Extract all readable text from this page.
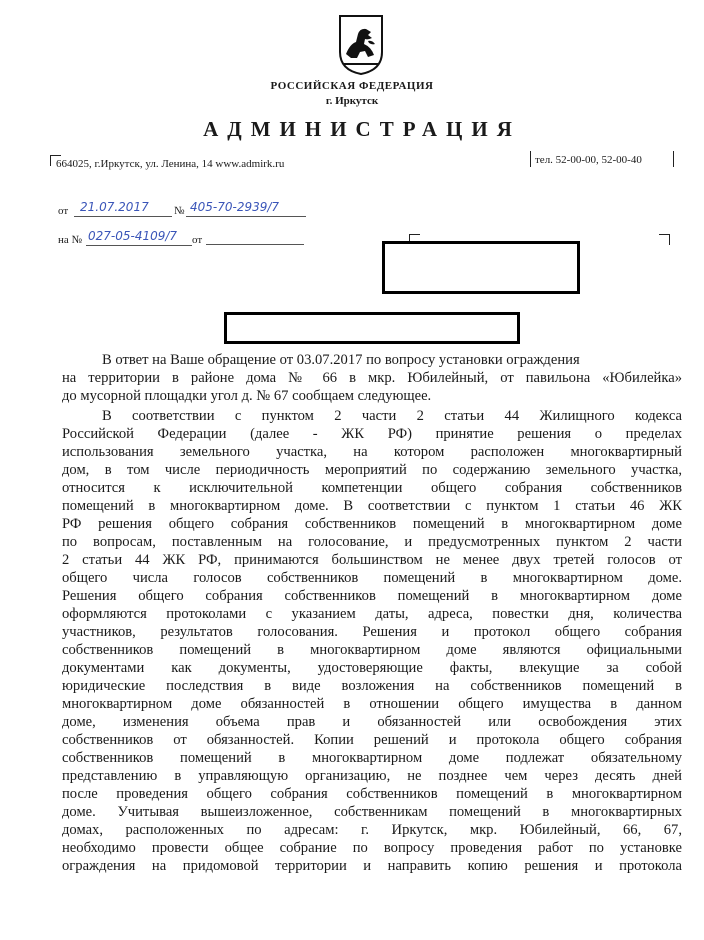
РОССИЙСКАЯ ФЕДЕРАЦИЯ
г. Иркутск
АДМИНИСТРАЦИЯ
664025, г.Иркутск, ул. Ленина, 14 www.admirk.ru	тел. 52-00-00, 52-00-40
от 21.07.2017 № 405-70-2939/7
на № 027-05-4109/7 от
В ответ на Ваше обращение от 03.07.2017 по вопросу установки ограждения
на территории в районе дома № 66 в мкр. Юбилейный, от павильона «Юбилейка»
до мусорной площадки угол д. № 67 сообщаем следующее.
В соответствии с пунктом 2 части 2 статьи 44 Жилищного кодекса
Российской Федерации (далее - ЖК РФ) принятие решения о пределах
использования земельного участка, на котором расположен многоквартирный
дом, в том числе периодичность мероприятий по содержанию земельного участка,
относится к исключительной компетенции общего собрания собственников
помещений в многоквартирном доме. В соответствии с пунктом 1 статьи 46 ЖК
РФ решения общего собрания собственников помещений в многоквартирном доме
по вопросам, поставленным на голосование, и предусмотренных пунктом 2 части
2 статьи 44 ЖК РФ, принимаются большинством не менее двух третей голосов от
общего числа голосов собственников помещений в многоквартирном доме.
Решения общего собрания собственников помещений в многоквартирном доме
оформляются протоколами с указанием даты, адреса, повестки дня, количества
участников, результатов голосования. Решения и протокол общего собрания
собственников помещений в многоквартирном доме являются официальными
документами как документы, удостоверяющие факты, влекущие за собой
юридические последствия в виде возложения на собственников помещений в
многоквартирном доме обязанностей в отношении общего имущества в данном
доме, изменения объема прав и обязанностей или освобождения этих
собственников от обязанностей. Копии решений и протокола общего собрания
собственников помещений в многоквартирном доме подлежат обязательному
представлению в управляющую организацию, не позднее чем через десять дней
после проведения общего собрания собственников помещений в многоквартирном
доме. Учитывая вышеизложенное, собственникам помещений в многоквартирных
домах, расположенных по адресам: г. Иркутск, мкр. Юбилейный, 66, 67,
необходимо провести общее собрание по вопросу проведения работ по установке
ограждения на придомовой территории и направить копию решения и протокола
